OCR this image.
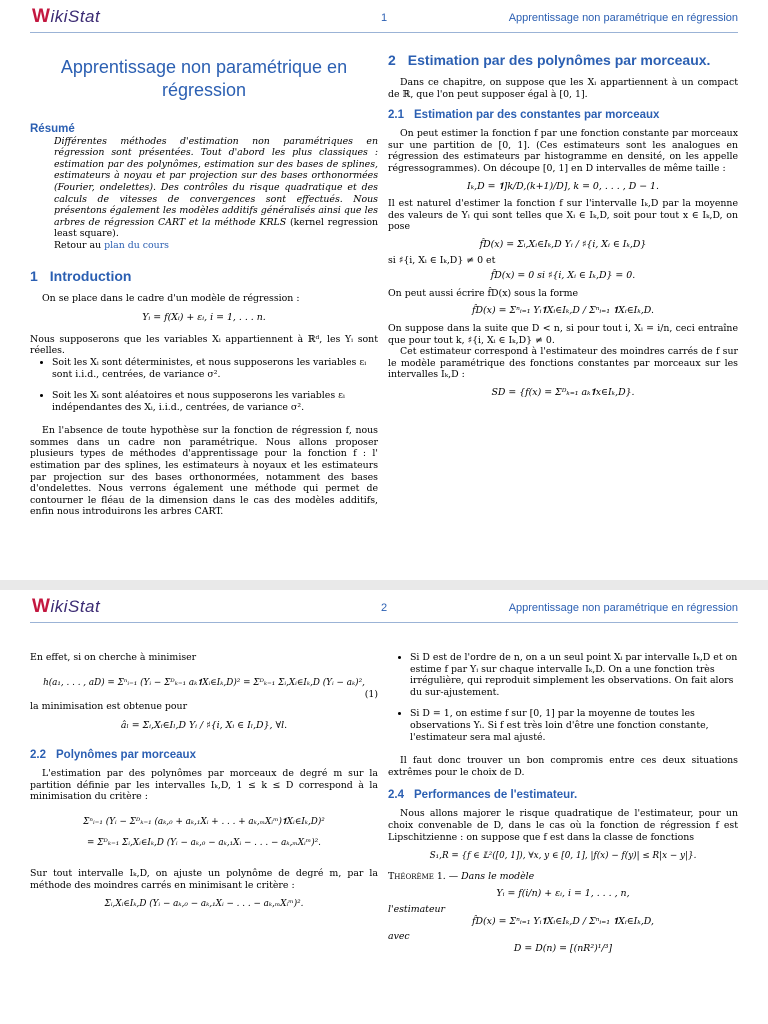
WikiStat	1	Apprentissage non paramétrique en régression
Apprentissage non paramétrique en régression
Résumé

Différentes méthodes d'estimation non paramétriques en régression sont présentées. Tout d'abord les plus classiques : estimation par des polynômes, estimation sur des bases de splines, estimateurs à noyau et par projection sur des bases orthonormées (Fourier, ondelettes). Des contrôles du risque quadratique et des calculs de vitesses de convergences sont effectués. Nous présentons également les modèles additifs généralisés ainsi que les arbres de régression CART et la méthode KRLS (kernel regression least square).

Retour au plan du cours

1 Introduction

On se place dans le cadre d'un modèle de régression :

Yᵢ = f(Xᵢ) + εᵢ, i = 1, . . . n.

Nous supposerons que les variables Xᵢ appartiennent à ℝᵈ, les Yᵢ sont réelles.

• Soit les Xᵢ sont déterministes, et nous supposerons les variables εᵢ sont i.i.d., centrées, de variance σ².
• Soit les Xᵢ sont aléatoires et nous supposerons les variables εᵢ indépendantes des Xᵢ, i.i.d., centrées, de variance σ².

En l'absence de toute hypothèse sur la fonction de régression f, nous sommes dans un cadre non paramétrique. Nous allons proposer plusieurs types de méthodes d'apprentissage pour la fonction f : l' estimation par des splines, les estimateurs à noyaux et les estimateurs par projection sur des bases orthonormées, notamment des bases d'ondelettes. Nous verrons également une méthode qui permet de contourner le fléau de la dimension dans le cas des modèles additifs, enfin nous introduirons les arbres CART.

2 Estimation par des polynômes par morceaux.

Dans ce chapitre, on suppose que les Xᵢ appartiennent à un compact de ℝ, que l'on peut supposer égal à [0, 1].

2.1 Estimation par des constantes par morceaux

On peut estimer la fonction f par une fonction constante par morceaux sur une partition de [0, 1]. (Ces estimateurs sont les analogues en régression des estimateurs par histogramme en densité, on les appelle régressogrammes). On découpe [0, 1] en D intervalles de même taille :

Iₖ,D = 𝟏]k/D,(k+1)/D], k = 0, . . . , D − 1.

Il est naturel d'estimer la fonction f sur l'intervalle Iₖ,D par la moyenne des valeurs de Yᵢ qui sont telles que Xᵢ ∈ Iₖ,D, soit pour tout x ∈ Iₖ,D, on pose

f̂D(x) = Σᵢ,Xᵢ∈Iₖ,D Yᵢ / ♯{i, Xᵢ ∈ Iₖ,D}

si ♯{i, Xᵢ ∈ Iₖ,D} ≠ 0 et

f̂D(x) = 0 si ♯{i, Xᵢ ∈ Iₖ,D} = 0.

On peut aussi écrire f̂D(x) sous la forme

f̂D(x) = Σⁿᵢ₌₁ Yᵢ𝟏Xᵢ∈Iₖ,D / Σⁿᵢ₌₁ 𝟏Xᵢ∈Iₖ,D.

On suppose dans la suite que D < n, si pour tout i, Xᵢ = i/n, ceci entraîne que pour tout k, ♯{i, Xᵢ ∈ Iₖ,D} ≠ 0.

Cet estimateur correspond à l'estimateur des moindres carrés de f sur le modèle paramétrique des fonctions constantes par morceaux sur les intervalles Iₖ,D :

SD = {f(x) = Σᴰₖ₌₁ aₖ𝟏x∈Iₖ,D}.

WikiStat	2	Apprentissage non paramétrique en régression

En effet, si on cherche à minimiser

h(a₁, . . . , aD) = Σⁿᵢ₌₁ (Yᵢ − Σᴰₖ₌₁ aₖ𝟏Xᵢ∈Iₖ,D)² = Σᴰₖ₌₁ Σᵢ,Xᵢ∈Iₖ,D (Yᵢ − aₖ)²,

(1)

la minimisation est obtenue pour

âₗ = Σᵢ,Xᵢ∈Iₗ,D Yᵢ / ♯{i, Xᵢ ∈ Iₗ,D}, ∀l.

2.2 Polynômes par morceaux

L'estimation par des polynômes par morceaux de degré m sur la partition définie par les intervalles Iₖ,D, 1 ≤ k ≤ D correspond à la minimisation du critère :

Σⁿᵢ₌₁ (Yᵢ − Σᴰₖ₌₁ (aₖ,₀ + aₖ,₁Xᵢ + . . . + aₖ,ₘXᵢᵐ)𝟏Xᵢ∈Iₖ,D)²

= Σᴰₖ₌₁ Σᵢ,Xᵢ∈Iₖ,D (Yᵢ − aₖ,₀ − aₖ,₁Xᵢ − . . . − aₖ,ₘXᵢᵐ)².

Sur tout intervalle Iₖ,D, on ajuste un polynôme de degré m, par la méthode des moindres carrés en minimisant le critère :

Σᵢ,Xᵢ∈Iₖ,D (Yᵢ − aₖ,₀ − aₖ,₁Xᵢ − . . . − aₖ,ₘXᵢᵐ)².

• Si D est de l'ordre de n, on a un seul point Xᵢ par intervalle Iₖ,D et on estime f par Yᵢ sur chaque intervalle Iₖ,D. On a une fonction très irrégulière, qui reproduit simplement les observations. On fait alors du sur-ajustement.
• Si D = 1, on estime f sur [0, 1] par la moyenne de toutes les observations Yᵢ. Si f est très loin d'être une fonction constante, l'estimateur sera mal ajusté.

Il faut donc trouver un bon compromis entre ces deux situations extrêmes pour le choix de D.

2.4 Performances de l'estimateur.

Nous allons majorer le risque quadratique de l'estimateur, pour un choix convenable de D, dans le cas où la fonction de régression f est Lipschitzienne : on suppose que f est dans la classe de fonctions

S₁,R = {f ∈ 𝕃²([0, 1]), ∀x, y ∈ [0, 1], |f(x) − f(y)| ≤ R|x − y|}.

Théorème 1. — Dans le modèle

Yᵢ = f(i/n) + εᵢ, i = 1, . . . , n,

l'estimateur

f̂D(x) = Σⁿᵢ₌₁ Yᵢ𝟏Xᵢ∈Iₖ,D / Σⁿᵢ₌₁ 𝟏Xᵢ∈Iₖ,D,

avec

D = D(n) = [(nR²)¹/³]
